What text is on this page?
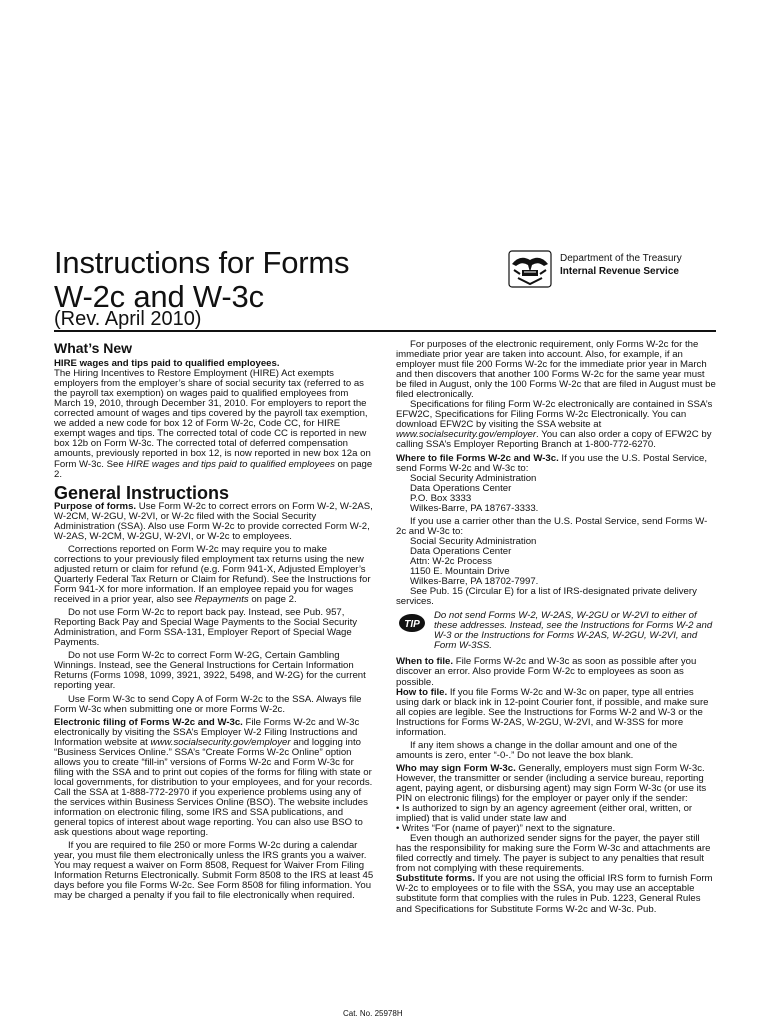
Instructions for Forms
W-2c and W-3c
(Rev. April 2010)
Department of the Treasury
Internal Revenue Service
What’s New

HIRE wages and tips paid to qualified employees.
The Hiring Incentives to Restore Employment (HIRE) Act exempts employers from the employer’s share of social security tax (referred to as the payroll tax exemption) on wages paid to qualified employees from March 19, 2010, through December 31, 2010. For employers to report the corrected amount of wages and tips covered by the payroll tax exemption, we added a new code for box 12 of Form W-2c, Code CC, for HIRE exempt wages and tips. The corrected total of code CC is reported in new box 12b on Form W-3c. The corrected total of deferred compensation amounts, previously reported in box 12, is now reported in new box 12a on Form W-3c. See HIRE wages and tips paid to qualified employees on page 2.

General Instructions

Purpose of forms. Use Form W-2c to correct errors on Form W-2, W-2AS, W-2CM, W-2GU, W-2VI, or W-2c filed with the Social Security Administration (SSA). Also use Form W-2c to provide corrected Form W-2, W-2AS, W-2CM, W-2GU, W-2VI, or W-2c to employees.

Corrections reported on Form W-2c may require you to make corrections to your previously filed employment tax returns using the new adjusted return or claim for refund (e.g. Form 941-X, Adjusted Employer’s Quarterly Federal Tax Return or Claim for Refund). See the Instructions for Form 941-X for more information. If an employee repaid you for wages received in a prior year, also see Repayments on page 2.

Do not use Form W-2c to report back pay. Instead, see Pub. 957, Reporting Back Pay and Special Wage Payments to the Social Security Administration, and Form SSA-131, Employer Report of Special Wage Payments.

Do not use Form W-2c to correct Form W-2G, Certain Gambling Winnings. Instead, see the General Instructions for Certain Information Returns (Forms 1098, 1099, 3921, 3922, 5498, and W-2G) for the current reporting year.

Use Form W-3c to send Copy A of Form W-2c to the SSA. Always file Form W-3c when submitting one or more Forms W-2c.

Electronic filing of Forms W-2c and W-3c. File Forms W-2c and W-3c electronically by visiting the SSA’s Employer W-2 Filing Instructions and Information website at www.socialsecurity.gov/employer and logging into “Business Services Online.” SSA’s “Create Forms W-2c Online” option allows you to create “fill-in” versions of Forms W-2c and Form W-3c for filing with the SSA and to print out copies of the forms for filing with state or local governments, for distribution to your employees, and for your records. Call the SSA at 1-888-772-2970 if you experience problems using any of the services within Business Services Online (BSO). The website includes information on electronic filing, some IRS and SSA publications, and general topics of interest about wage reporting. You can also use BSO to ask questions about wage reporting.

If you are required to file 250 or more Forms W-2c during a calendar year, you must file them electronically unless the IRS grants you a waiver. You may request a waiver on Form 8508, Request for Waiver From Filing Information Returns Electronically. Submit Form 8508 to the IRS at least 45 days before you file Forms W-2c. See Form 8508 for filing information. You may be charged a penalty if you fail to file electronically when required.

For purposes of the electronic requirement, only Forms W-2c for the immediate prior year are taken into account. Also, for example, if an employer must file 200 Forms W-2c for the immediate prior year in March and then discovers that another 100 Forms W-2c for the same year must be filed in August, only the 100 Forms W-2c that are filed in August must be filed electronically.

Specifications for filing Form W-2c electronically are contained in SSA’s EFW2C, Specifications for Filing Forms W-2c Electronically. You can download EFW2C by visiting the SSA website at www.socialsecurity.gov/employer. You can also order a copy of EFW2C by calling SSA’s Employer Reporting Branch at 1-800-772-6270.

Where to file Forms W-2c and W-3c. If you use the U.S. Postal Service, send Forms W-2c and W-3c to:

Social Security Administration
Data Operations Center
P.O. Box 3333
Wilkes-Barre, PA 18767-3333.

If you use a carrier other than the U.S. Postal Service, send Forms W-2c and W-3c to:

Social Security Administration
Data Operations Center
Attn: W-2c Process
1150 E. Mountain Drive
Wilkes-Barre, PA 18702-7997.

See Pub. 15 (Circular E) for a list of IRS-designated private delivery services.

TIP
Do not send Forms W-2, W-2AS, W-2GU or W-2VI to either of these addresses. Instead, see the Instructions for Forms W-2 and W-3 or the Instructions for Forms W-2AS, W-2GU, W-2VI, and Form W-3SS.

When to file. File Forms W-2c and W-3c as soon as possible after you discover an error. Also provide Form W-2c to employees as soon as possible.

How to file. If you file Forms W-2c and W-3c on paper, type all entries using dark or black ink in 12-point Courier font, if possible, and make sure all copies are legible. See the Instructions for Forms W-2 and W-3 or the Instructions for Forms W-2AS, W-2GU, W-2VI, and W-3SS for more information.

If any item shows a change in the dollar amount and one of the amounts is zero, enter “-0-.” Do not leave the box blank.

Who may sign Form W-3c. Generally, employers must sign Form W-3c. However, the transmitter or sender (including a service bureau, reporting agent, paying agent, or disbursing agent) may sign Form W-3c (or use its PIN on electronic filings) for the employer or payer only if the sender:

• Is authorized to sign by an agency agreement (either oral, written, or implied) that is valid under state law and

• Writes “For (name of payer)” next to the signature.

Even though an authorized sender signs for the payer, the payer still has the responsibility for making sure the Form W-3c and attachments are filed correctly and timely. The payer is subject to any penalties that result from not complying with these requirements.

Substitute forms. If you are not using the official IRS form to furnish Form W-2c to employees or to file with the SSA, you may use an acceptable substitute form that complies with the rules in Pub. 1223, General Rules and Specifications for Substitute Forms W-2c and W-3c. Pub.

Cat. No. 25978H
